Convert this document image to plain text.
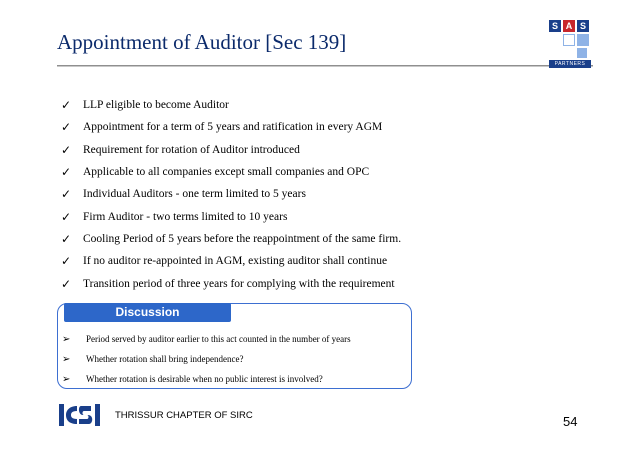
Appointment of Auditor [Sec 139]
S A S
PARTNERS
✓	LLP eligible to become Auditor
✓	Appointment for a term of 5 years and ratification in every AGM
✓	Requirement for rotation of Auditor introduced
✓	Applicable to all companies except small companies and OPC
✓	Individual Auditors - one term limited to 5 years
✓	Firm Auditor - two terms limited to 10 years
✓	Cooling Period of 5 years before the reappointment of the same firm.
✓	If no auditor re-appointed in AGM, existing auditor shall continue
✓	Transition period of three years for complying with the requirement
Discussion
➢	Period served by auditor earlier to this act counted in the number of years
➢	Whether rotation shall bring independence?
➢	Whether rotation is desirable when no public interest is involved?
THRISSUR CHAPTER OF SIRC	54
